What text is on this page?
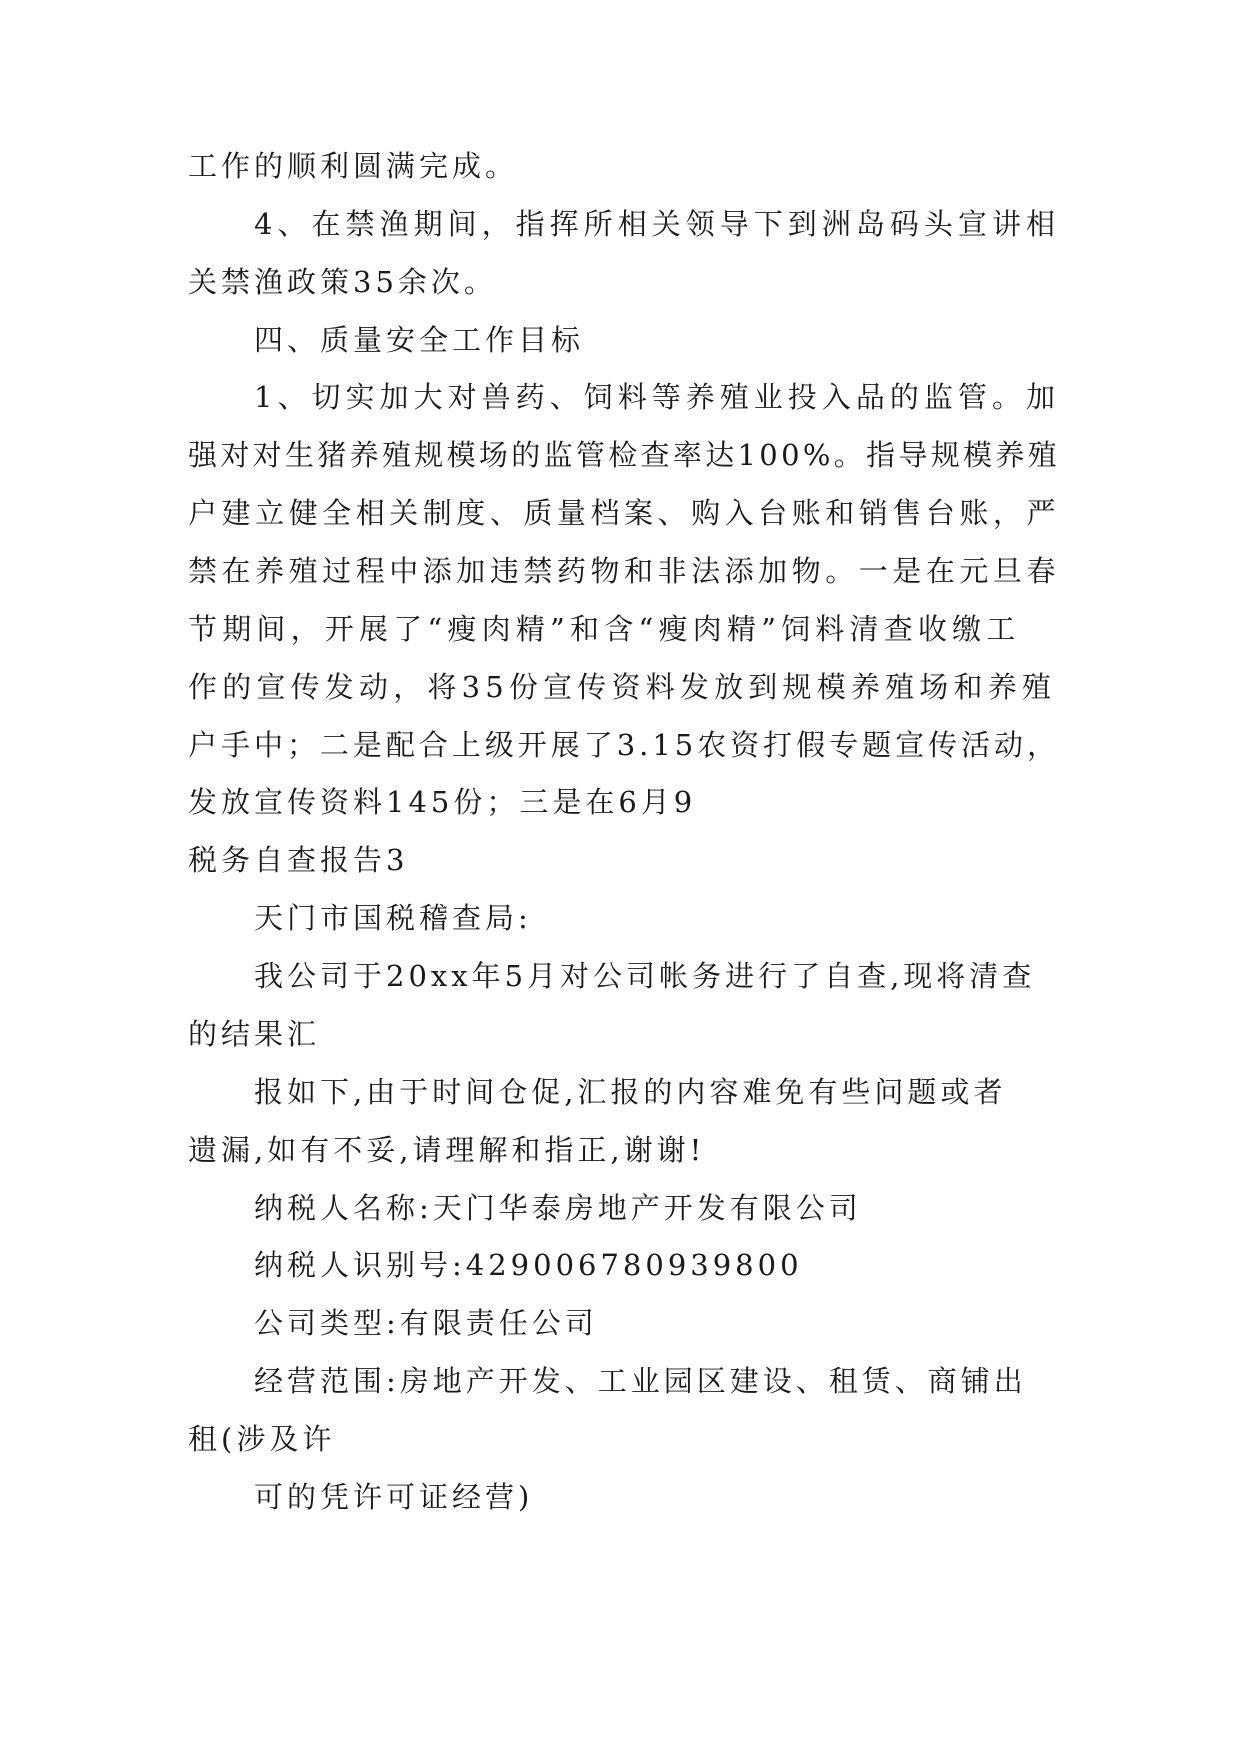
工作的顺利圆满完成。
4、在禁渔期间，指挥所相关领导下到洲岛码头宣讲相
关禁渔政策35余次。
四、质量安全工作目标
1、切实加大对兽药、饲料等养殖业投入品的监管。加
强对对生猪养殖规模场的监管检查率达100%。指导规模养殖
户建立健全相关制度、质量档案、购入台账和销售台账，严
禁在养殖过程中添加违禁药物和非法添加物。一是在元旦春
节期间，开展了“瘦肉精”和含“瘦肉精”饲料清查收缴工
作的宣传发动，将35份宣传资料发放到规模养殖场和养殖
户手中；二是配合上级开展了3.15农资打假专题宣传活动，
发放宣传资料145份；三是在6月9
税务自查报告3
天门市国税稽查局:
我公司于20xx年5月对公司帐务进行了自查,现将清查
的结果汇
报如下,由于时间仓促,汇报的内容难免有些问题或者
遗漏,如有不妥,请理解和指正,谢谢!
纳税人名称:天门华泰房地产开发有限公司
纳税人识别号:429006780939800
公司类型:有限责任公司
经营范围:房地产开发、工业园区建设、租赁、商铺出
租(涉及许
可的凭许可证经营)
